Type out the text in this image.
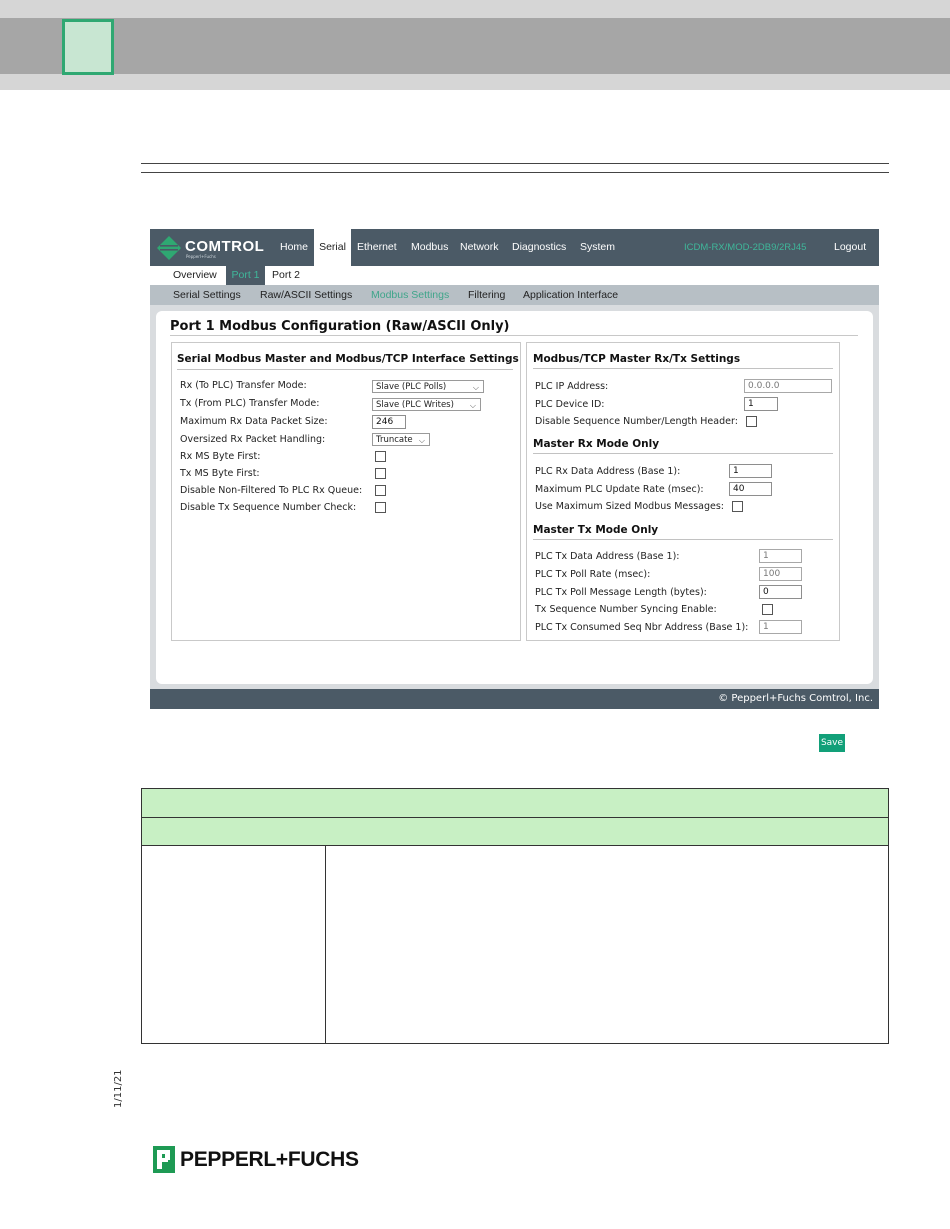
COMTROL
Pepperl+Fuchs
Home	Serial	Ethernet Modbus Network Diagnostics System	ICDM-RX/MOD-2DB9/2RJ45	Logout
Overview	Port 1	Port 2
Serial Settings Raw/ASCII Settings Modbus Settings Filtering Application Interface
Port 1 Modbus Configuration (Raw/ASCII Only)
Serial Modbus Master and Modbus/TCP Interface Settings
Rx (To PLC) Transfer Mode:	Slave (PLC Polls)	⌵
Tx (From PLC) Transfer Mode:	Slave (PLC Writes) ⌵
Maximum Rx Data Packet Size:	246
Oversized Rx Packet Handling:	Truncate ⌵
Rx MS Byte First:
Tx MS Byte First:
Disable Non-Filtered To PLC Rx Queue:
Disable Tx Sequence Number Check:
Modbus/TCP Master Rx/Tx Settings
PLC IP Address:	0.0.0.0
PLC Device ID:	1
Disable Sequence Number/Length Header:
Master Rx Mode Only
PLC Rx Data Address (Base 1):	1
Maximum PLC Update Rate (msec):	40
Use Maximum Sized Modbus Messages:
Master Tx Mode Only
PLC Tx Data Address (Base 1):	1
PLC Tx Poll Rate (msec):	100
PLC Tx Poll Message Length (bytes):	0
Tx Sequence Number Syncing Enable:
PLC Tx Consumed Seq Nbr Address (Base 1):	1
Save
© Pepperl+Fuchs Comtrol, Inc.
1/11/21
PEPPERL+FUCHS
